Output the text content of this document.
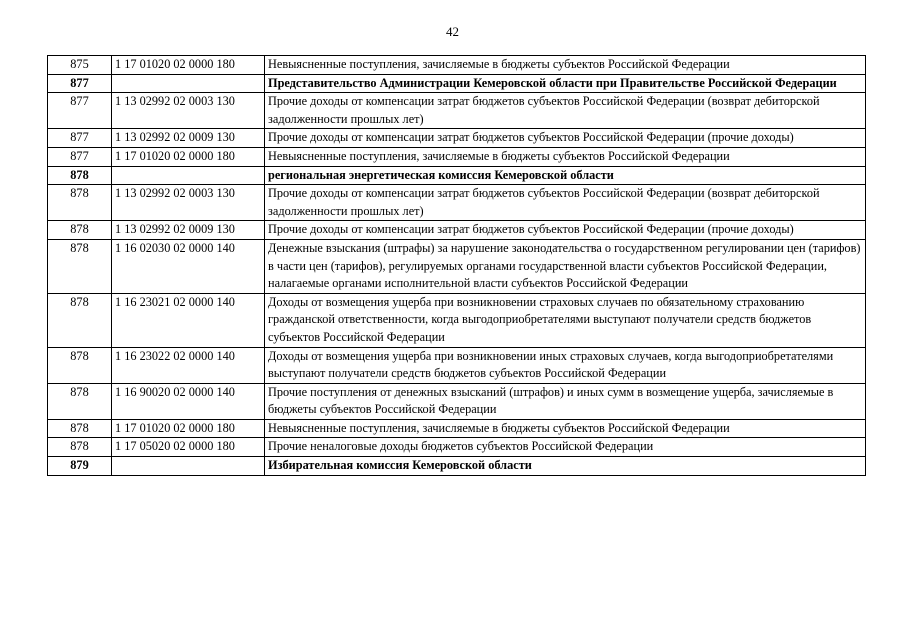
42
875	1 17 01020 02 0000 180	Невыясненные поступления, зачисляемые в бюджеты субъектов Российской Федерации
877		Представительство Администрации Кемеровской области при Правительстве Российской Федерации
877	1 13 02992 02 0003 130	Прочие доходы от компенсации затрат бюджетов субъектов Российской Федерации (возврат дебиторской задолженности прошлых лет)
877	1 13 02992 02 0009 130	Прочие доходы от компенсации затрат бюджетов субъектов Российской Федерации (прочие доходы)
877	1 17 01020 02 0000 180	Невыясненные поступления, зачисляемые в бюджеты субъектов Российской Федерации
878		региональная энергетическая комиссия Кемеровской области
878	1 13 02992 02 0003 130	Прочие доходы от компенсации затрат бюджетов субъектов Российской Федерации (возврат дебиторской задолженности прошлых лет)
878	1 13 02992 02 0009 130	Прочие доходы от компенсации затрат бюджетов субъектов Российской Федерации (прочие доходы)
878	1 16 02030 02 0000 140	Денежные взыскания (штрафы) за нарушение законодательства о государственном регулировании цен (тарифов) в части цен (тарифов), регулируемых органами государственной власти субъектов Российской Федерации, налагаемые органами исполнительной власти субъектов Российской Федерации
878	1 16 23021 02 0000 140	Доходы от возмещения ущерба при возникновении страховых случаев по обязательному страхованию гражданской ответственности, когда выгодоприобретателями выступают получатели средств бюджетов субъектов Российской Федерации
878	1 16 23022 02 0000 140	Доходы от возмещения ущерба при возникновении иных страховых случаев, когда выгодоприобретателями выступают получатели средств бюджетов субъектов Российской Федерации
878	1 16 90020 02 0000 140	Прочие поступления от денежных взысканий (штрафов) и иных сумм в возмещение ущерба, зачисляемые в бюджеты субъектов Российской Федерации
878	1 17 01020 02 0000 180	Невыясненные поступления, зачисляемые в бюджеты субъектов Российской Федерации
878	1 17 05020 02 0000 180	Прочие неналоговые доходы бюджетов субъектов Российской Федерации
879		Избирательная комиссия Кемеровской области
